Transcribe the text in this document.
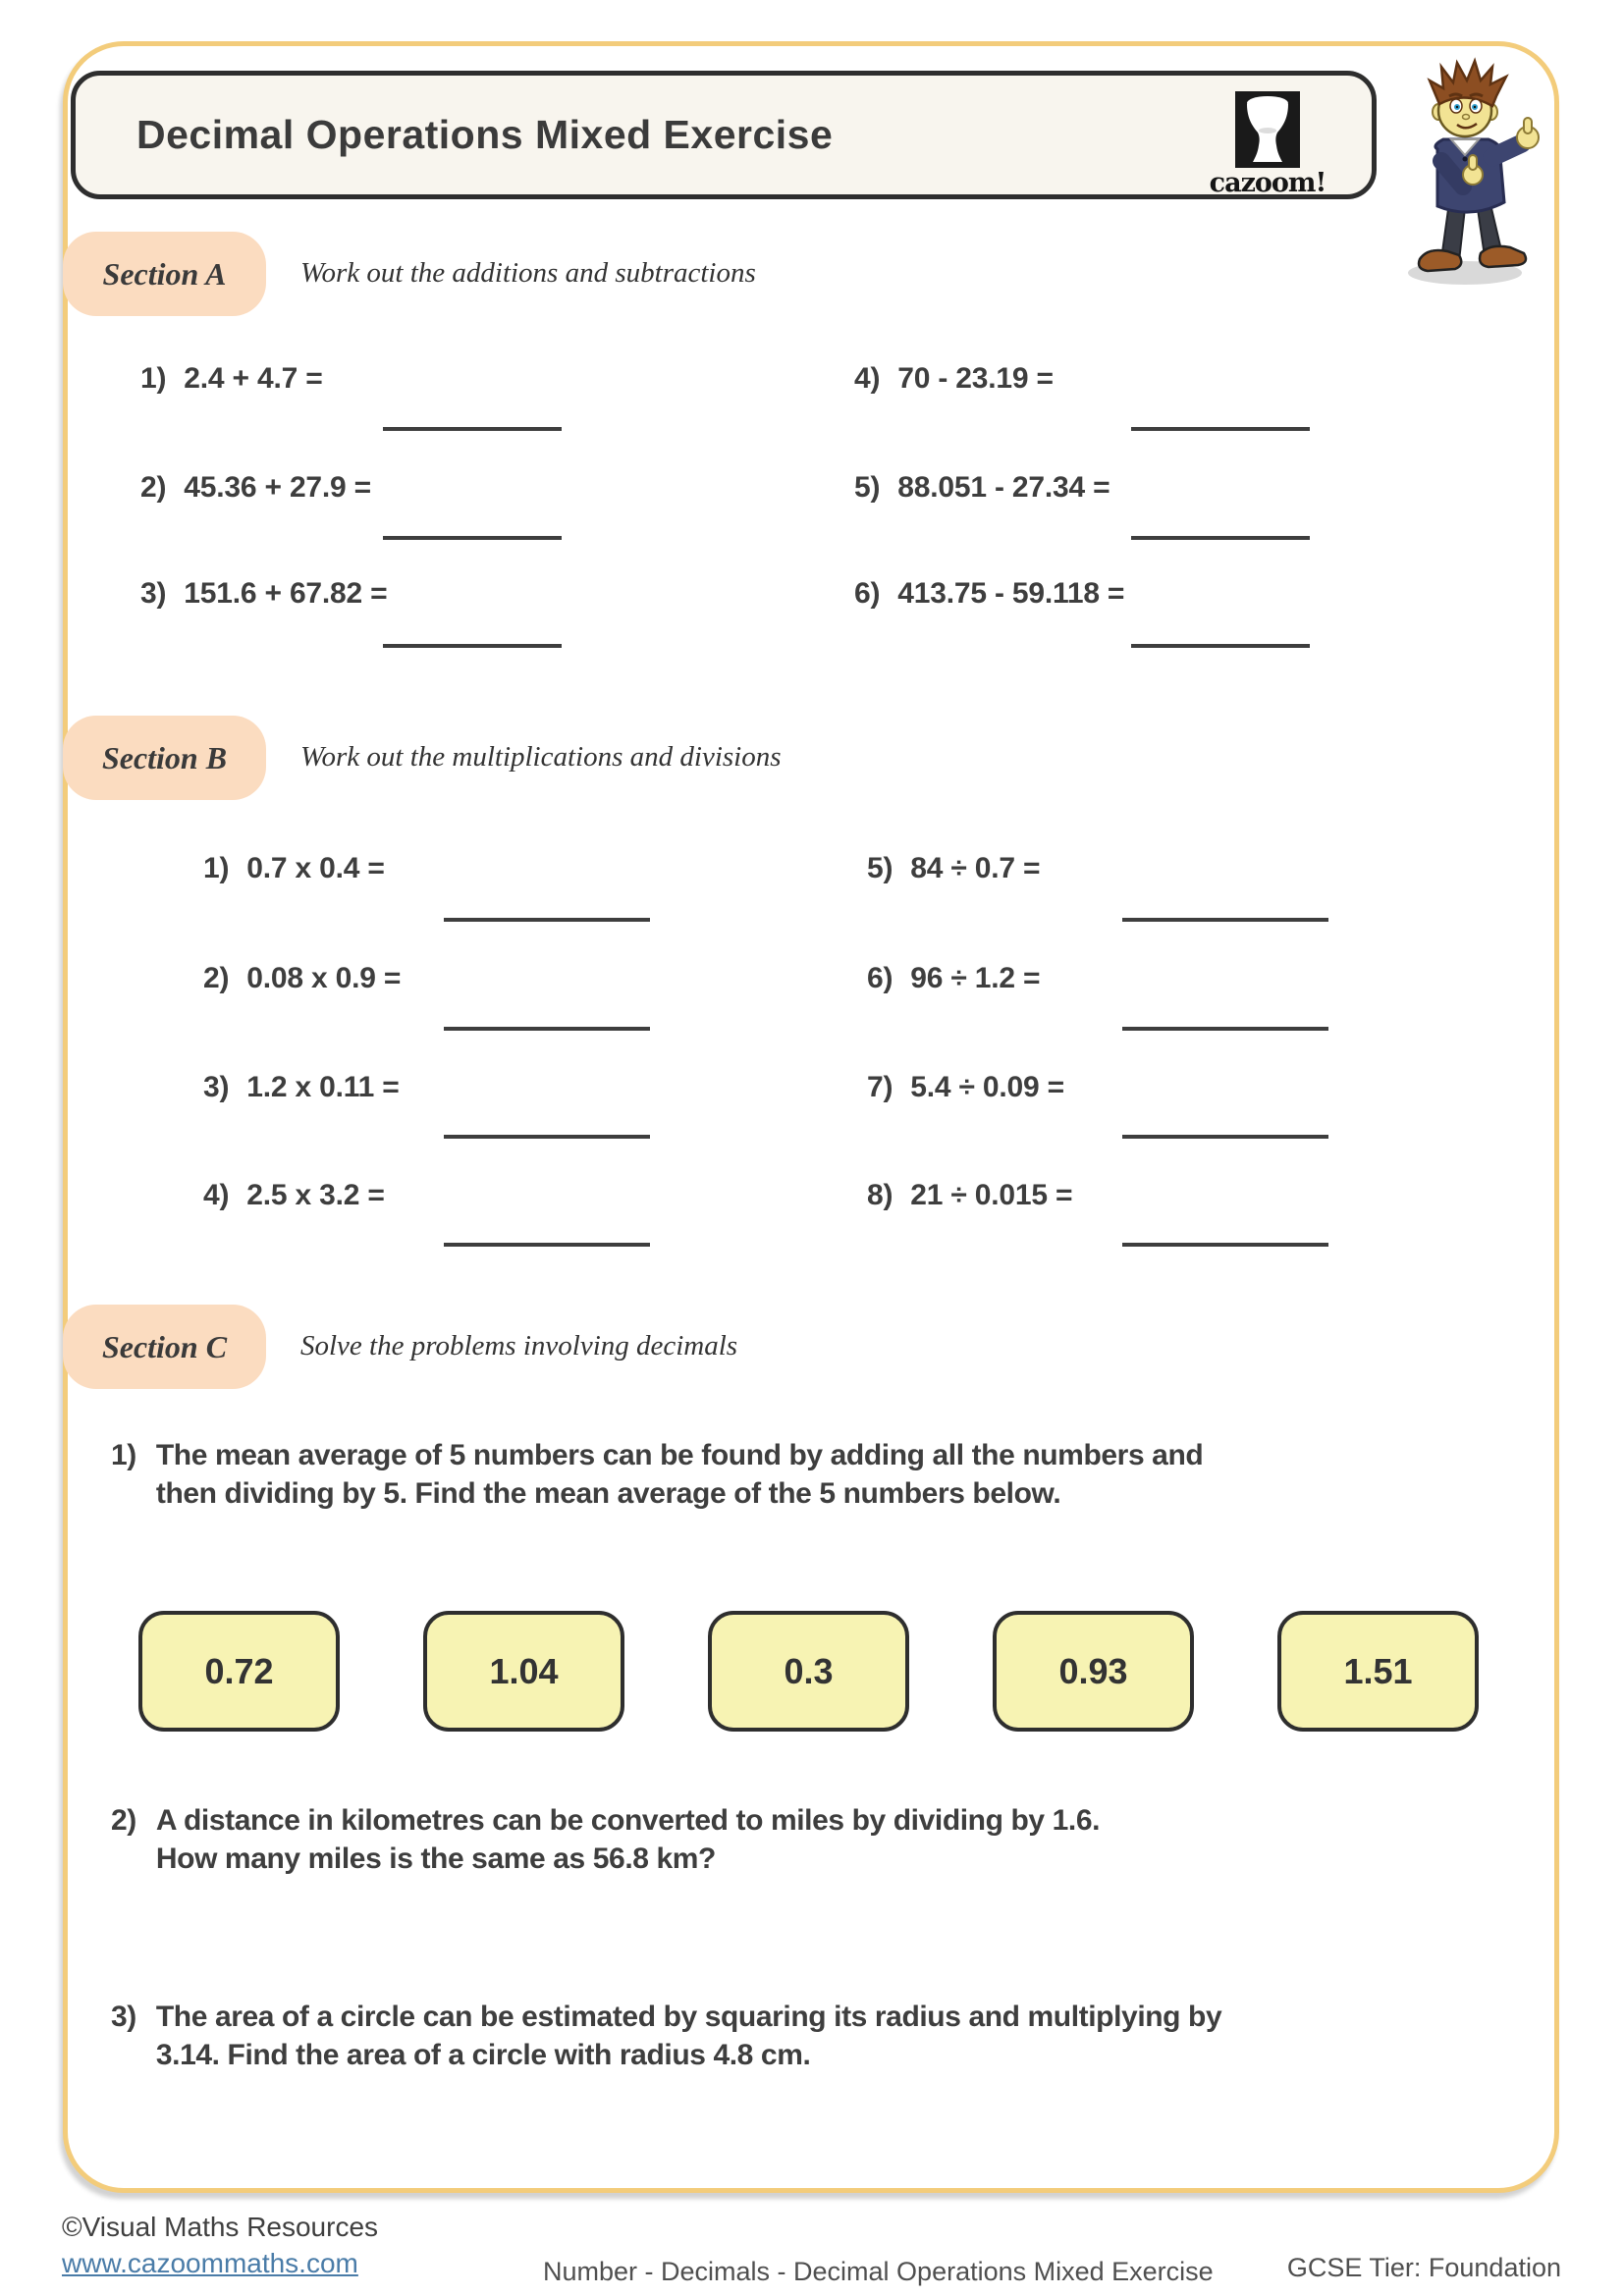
Decimal Operations Mixed Exercise
cazoom!
Section A	Work out the additions and subtractions
1) 2.4 + 4.7 =
2) 45.36 + 27.9 =
3) 151.6 + 67.82 =
4) 70 - 23.19 =
5) 88.051 - 27.34 =
6) 413.75 - 59.118 =
Section B	Work out the multiplications and divisions
1) 0.7 x 0.4 =
2) 0.08 x 0.9 =
3) 1.2 x 0.11 =
4) 2.5 x 3.2 =
5) 84 ÷ 0.7 =
6) 96 ÷ 1.2 =
7) 5.4 ÷ 0.09 =
8) 21 ÷ 0.015 =
Section C	Solve the problems involving decimals
1) The mean average of 5 numbers can be found by adding all the numbers and
then dividing by 5. Find the mean average of the 5 numbers below.
0.72	1.04	0.3	0.93	1.51
2) A distance in kilometres can be converted to miles by dividing by 1.6.
How many miles is the same as 56.8 km?
3) The area of a circle can be estimated by squaring its radius and multiplying by
3.14. Find the area of a circle with radius 4.8 cm.
©Visual Maths Resources
www.cazoommaths.com	Number - Decimals - Decimal Operations Mixed Exercise	GCSE Tier: Foundation
